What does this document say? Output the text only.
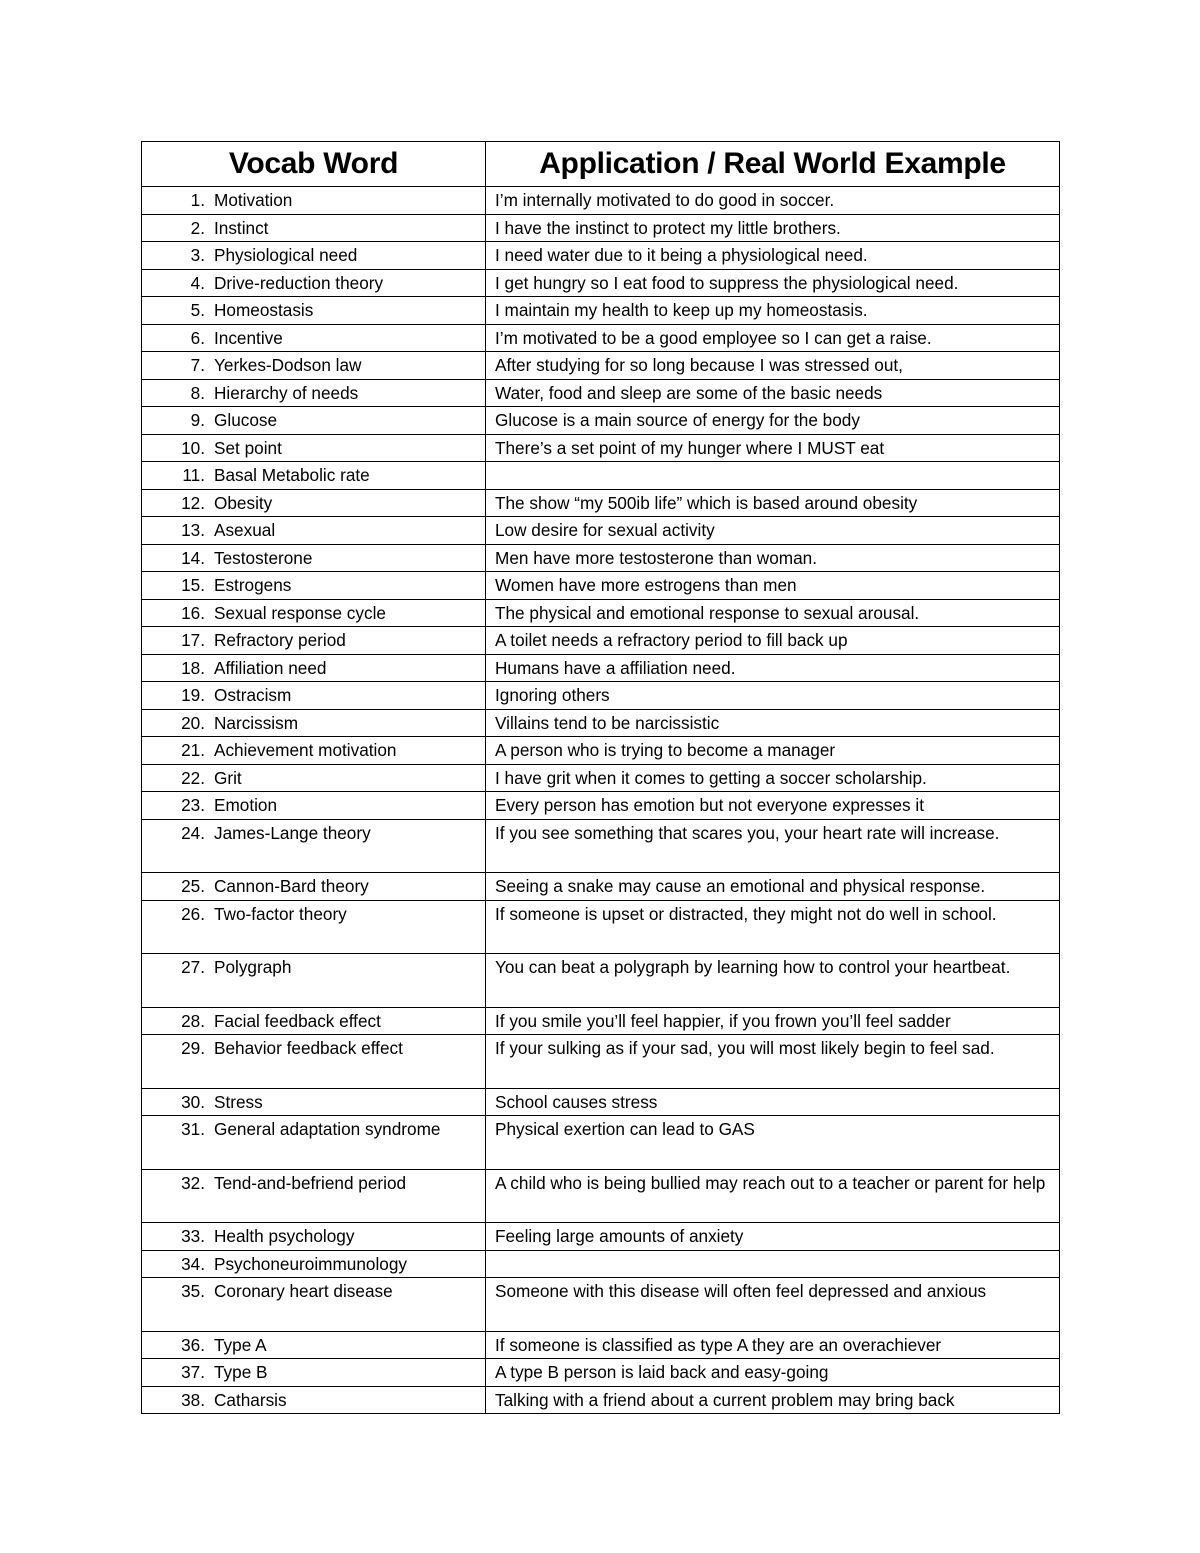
Vocab Word	Application / Real World Example

1. Motivation	I’m internally motivated to do good in soccer.

2. Instinct	I have the instinct to protect my little brothers.

3. Physiological need	I need water due to it being a physiological need.

4. Drive-reduction theory	I get hungry so I eat food to suppress the physiological need.

5. Homeostasis	I maintain my health to keep up my homeostasis.

6. Incentive	I’m motivated to be a good employee so I can get a raise.

7. Yerkes-Dodson law	After studying for so long because I was stressed out,

8. Hierarchy of needs	Water, food and sleep are some of the basic needs

9. Glucose	Glucose is a main source of energy for the body

10. Set point	There’s a set point of my hunger where I MUST eat

11. Basal Metabolic rate	

12. Obesity	The show “my 500ib life” which is based around obesity

13. Asexual	Low desire for sexual activity

14. Testosterone	Men have more testosterone than woman.

15. Estrogens	Women have more estrogens than men

16. Sexual response cycle	The physical and emotional response to sexual arousal.

17. Refractory period	A toilet needs a refractory period to fill back up

18. Affiliation need	Humans have a affiliation need.

19. Ostracism	Ignoring others

20. Narcissism	Villains tend to be narcissistic

21. Achievement motivation	A person who is trying to become a manager

22. Grit	I have grit when it comes to getting a soccer scholarship.

23. Emotion	Every person has emotion but not everyone expresses it

24. James-Lange theory	If you see something that scares you, your heart rate will increase.

25. Cannon-Bard theory	Seeing a snake may cause an emotional and physical response.

26. Two-factor theory	If someone is upset or distracted, they might not do well in school.

27. Polygraph	You can beat a polygraph by learning how to control your heartbeat.

28. Facial feedback effect	If you smile you’ll feel happier, if you frown you’ll feel sadder

29. Behavior feedback effect	If your sulking as if your sad, you will most likely begin to feel sad.

30. Stress	School causes stress

31. General adaptation syndrome	Physical exertion can lead to GAS

32. Tend-and-befriend period	A child who is being bullied may reach out to a teacher or parent for help

33. Health psychology	Feeling large amounts of anxiety

34. Psychoneuroimmunology	

35. Coronary heart disease	Someone with this disease will often feel depressed and anxious

36. Type A	If someone is classified as type A they are an overachiever

37. Type B	A type B person is laid back and easy-going

38. Catharsis	Talking with a friend about a current problem may bring back
